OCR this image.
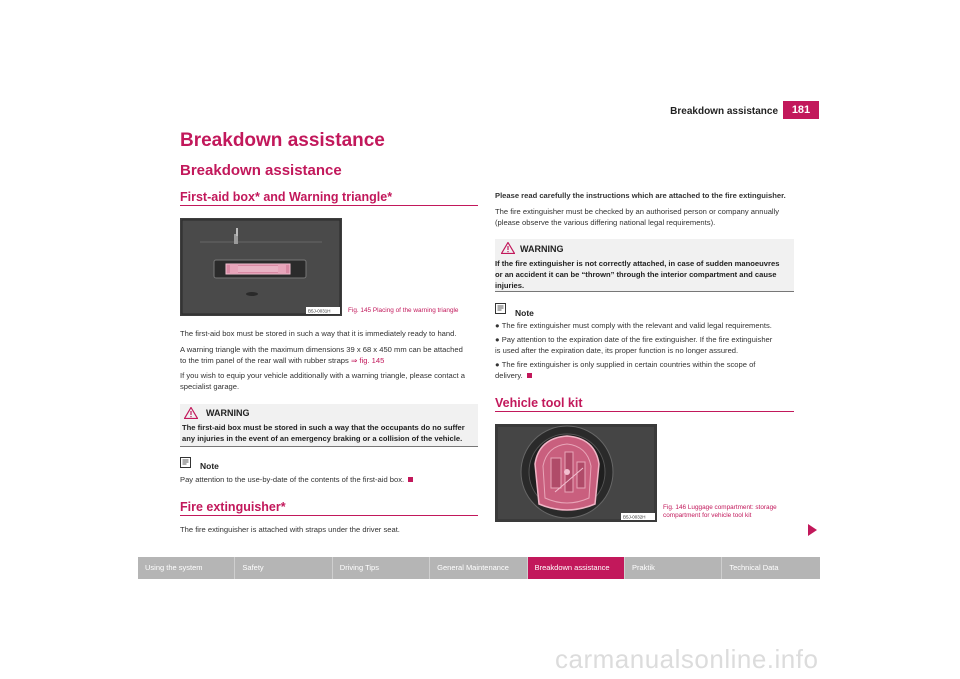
Breakdown assistance	181
Breakdown assistance
Breakdown assistance
First-aid box* and Warning triangle*
B5J-0031H	Fig. 145 Placing of the warning triangle
The first-aid box must be stored in such a way that it is immediately ready to hand.
A warning triangle with the maximum dimensions 39 x 68 x 450 mm can be attached
to the trim panel of the rear wall with rubber straps ⇒ fig. 145
If you wish to equip your vehicle additionally with a warning triangle, please contact a
specialist garage.
WARNING
The first-aid box must be stored in such a way that the occupants do no suffer
any injuries in the event of an emergency braking or a collision of the vehicle.
Note
Pay attention to the use-by-date of the contents of the first-aid box.
Fire extinguisher*
The fire extinguisher is attached with straps under the driver seat.
Please read carefully the instructions which are attached to the fire extinguisher.
The fire extinguisher must be checked by an authorised person or company annually
(please observe the various differing national legal requirements).
WARNING
If the fire extinguisher is not correctly attached, in case of sudden manoeuvres
or an accident it can be “thrown” through the interior compartment and cause
injuries.
Note
● The fire extinguisher must comply with the relevant and valid legal requirements.
● Pay attention to the expiration date of the fire extinguisher. If the fire extinguisher
is used after the expiration date, its proper function is no longer assured.
● The fire extinguisher is only supplied in certain countries within the scope of
delivery.
Vehicle tool kit
B5J-0032H
Fig. 146 Luggage compartment: storage
compartment for vehicle tool kit
Using the system	Safety	Driving Tips	General Maintenance	Breakdown assistance	Praktik	Technical Data
carmanualsonline.info
